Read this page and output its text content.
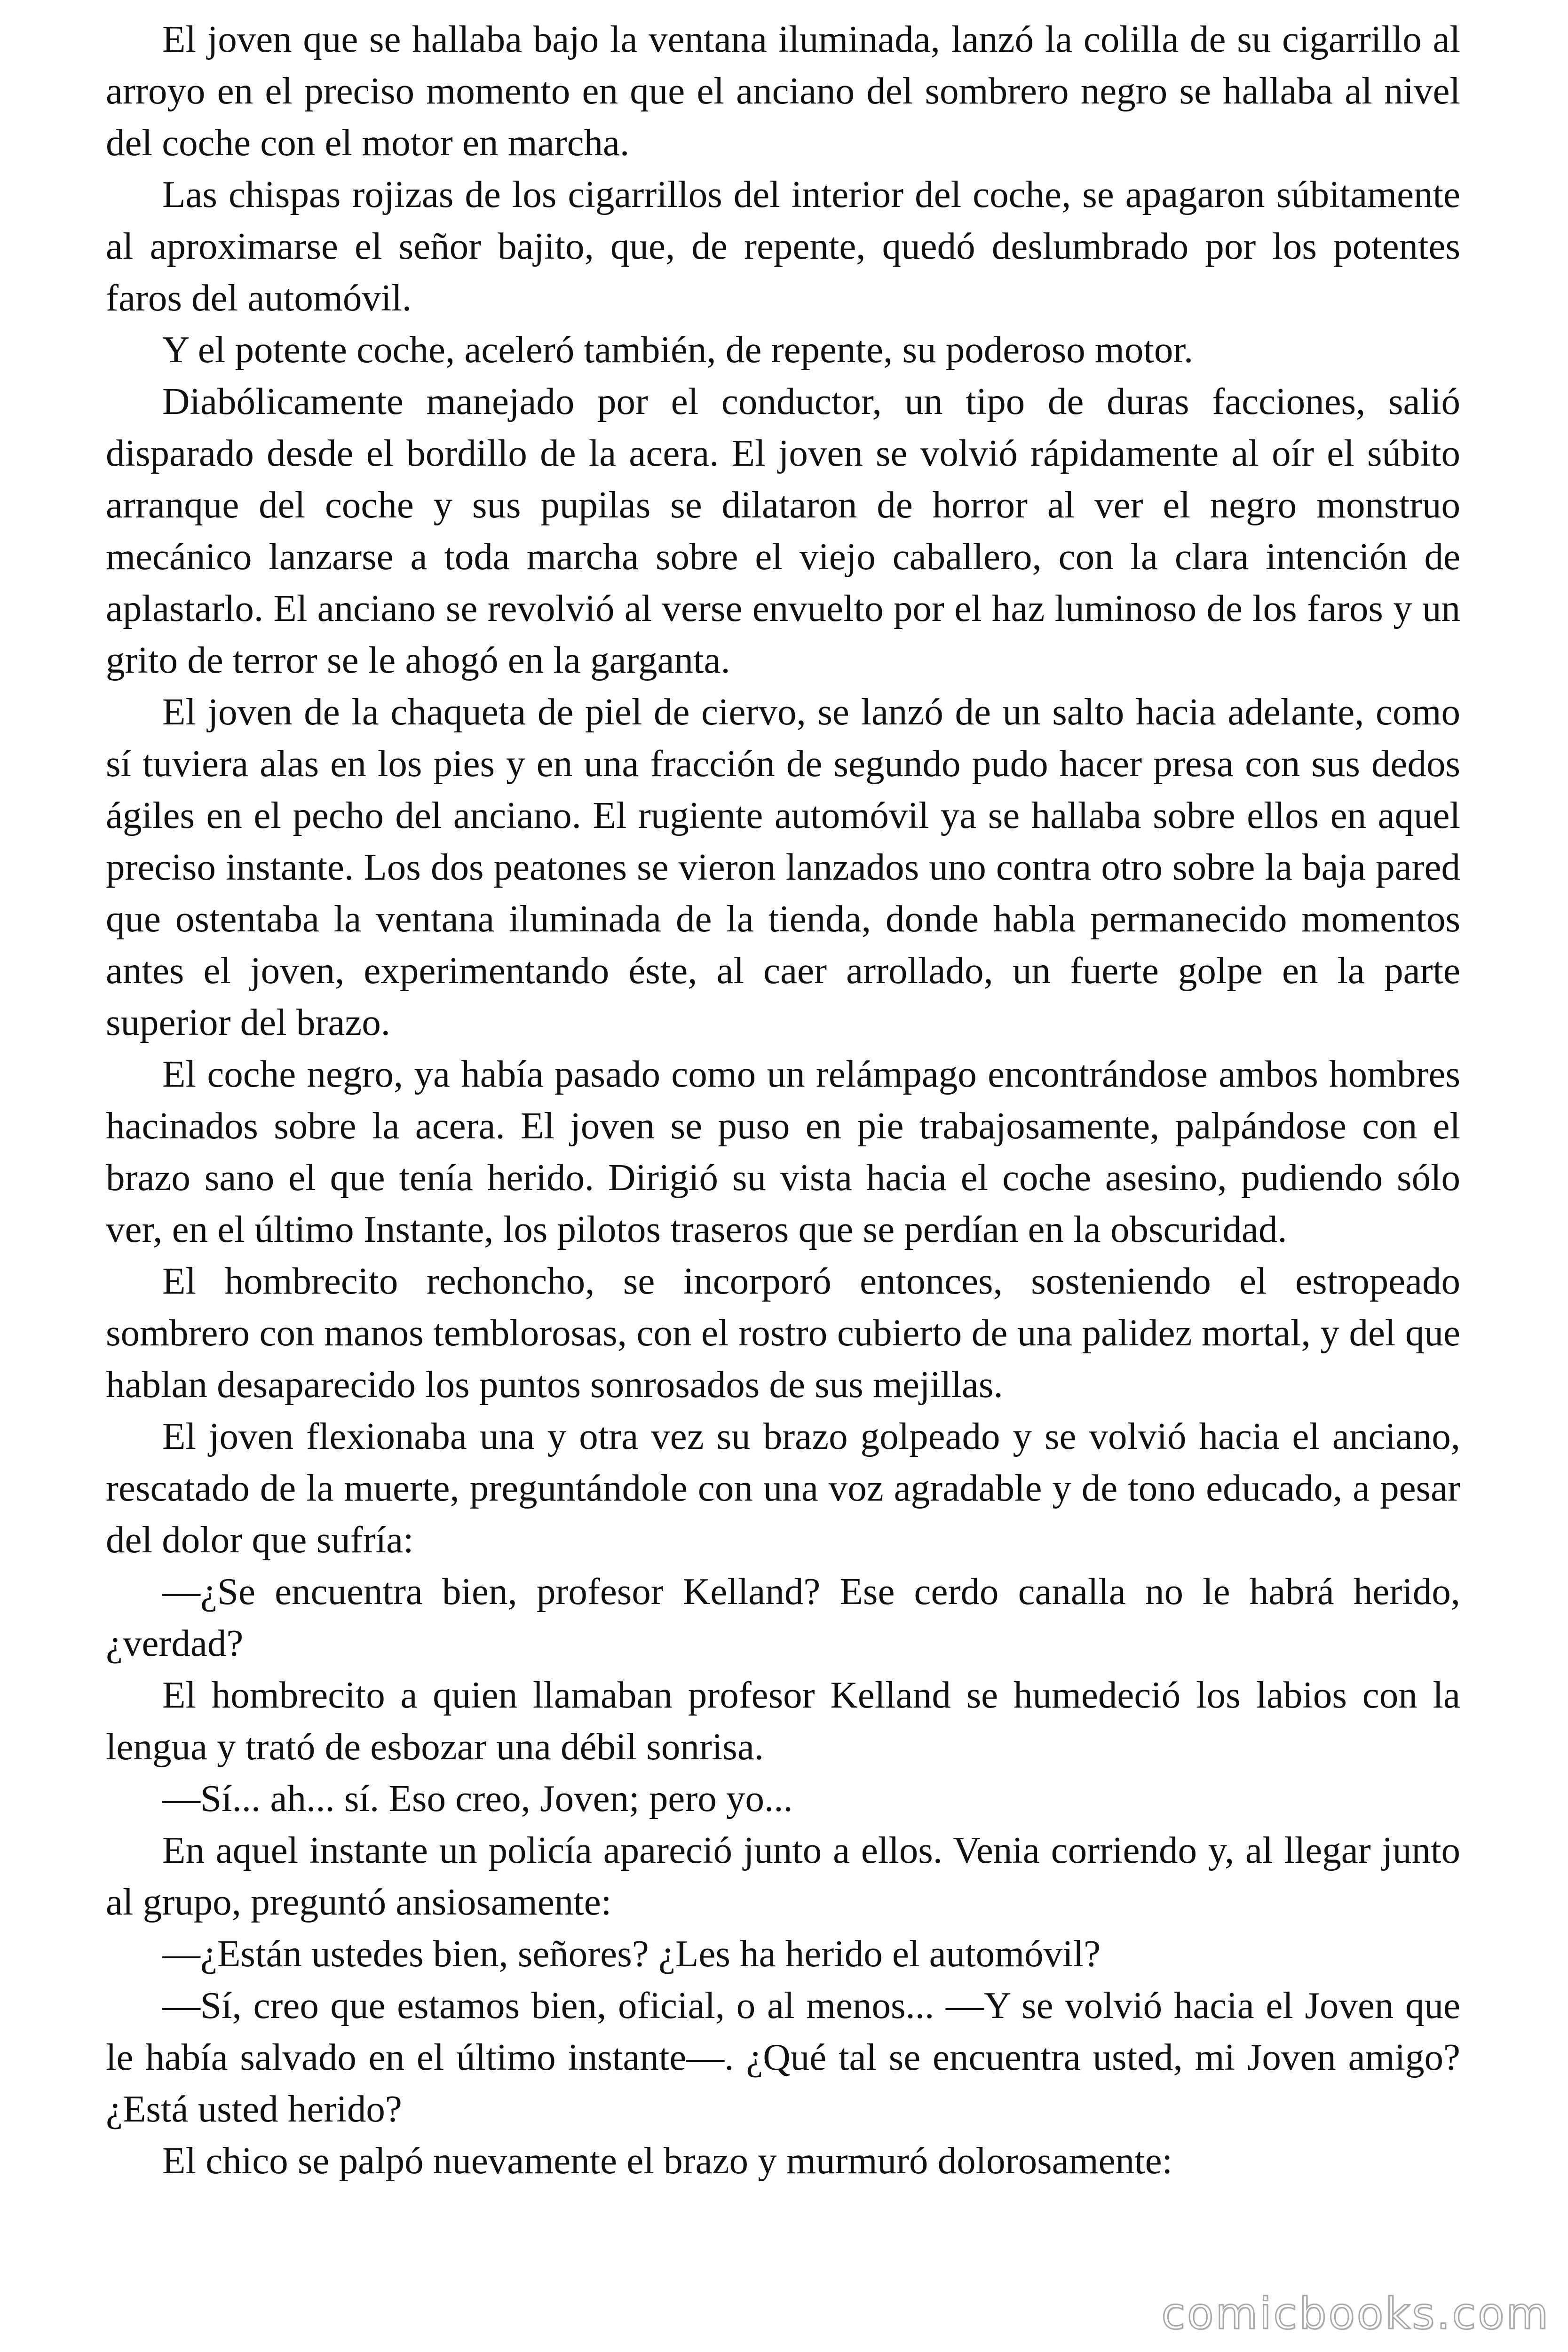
El joven que se hallaba bajo la ventana iluminada, lanzó la colilla de su cigarrillo al arroyo en el preciso momento en que el anciano del sombrero negro se hallaba al nivel del coche con el motor en marcha.

Las chispas rojizas de los cigarrillos del interior del coche, se apagaron súbitamente al aproximarse el señor bajito, que, de repente, quedó deslumbrado por los potentes faros del automóvil.

Y el potente coche, aceleró también, de repente, su poderoso motor.

Diabólicamente manejado por el conductor, un tipo de duras facciones, salió disparado desde el bordillo de la acera. El joven se volvió rápidamente al oír el súbito arranque del coche y sus pupilas se dilataron de horror al ver el negro monstruo mecánico lanzarse a toda marcha sobre el viejo caballero, con la clara intención de aplastarlo. El anciano se revolvió al verse envuelto por el haz luminoso de los faros y un grito de terror se le ahogó en la garganta.

El joven de la chaqueta de piel de ciervo, se lanzó de un salto hacia adelante, como sí tuviera alas en los pies y en una fracción de segundo pudo hacer presa con sus dedos ágiles en el pecho del anciano. El rugiente automóvil ya se hallaba sobre ellos en aquel preciso instante. Los dos peatones se vieron lanzados uno contra otro sobre la baja pared que ostentaba la ventana iluminada de la tienda, donde habla permanecido momentos antes el joven, experimentando éste, al caer arrollado, un fuerte golpe en la parte superior del brazo.

El coche negro, ya había pasado como un relámpago encontrándose ambos hombres hacinados sobre la acera. El joven se puso en pie trabajosamente, palpándose con el brazo sano el que tenía herido. Dirigió su vista hacia el coche asesino, pudiendo sólo ver, en el último Instante, los pilotos traseros que se perdían en la obscuridad.

El hombrecito rechoncho, se incorporó entonces, sosteniendo el estropeado sombrero con manos temblorosas, con el rostro cubierto de una palidez mortal, y del que hablan desaparecido los puntos sonrosados de sus mejillas.

El joven flexionaba una y otra vez su brazo golpeado y se volvió hacia el anciano, rescatado de la muerte, preguntándole con una voz agradable y de tono educado, a pesar del dolor que sufría:

—¿Se encuentra bien, profesor Kelland? Ese cerdo canalla no le habrá herido, ¿verdad?

El hombrecito a quien llamaban profesor Kelland se humedeció los labios con la lengua y trató de esbozar una débil sonrisa.

—Sí... ah... sí. Eso creo, Joven; pero yo...

En aquel instante un policía apareció junto a ellos. Venia corriendo y, al llegar junto al grupo, preguntó ansiosamente:

—¿Están ustedes bien, señores? ¿Les ha herido el automóvil?

—Sí, creo que estamos bien, oficial, o al menos... —Y se volvió hacia el Joven que le había salvado en el último instante—. ¿Qué tal se encuentra usted, mi Joven amigo? ¿Está usted herido?

El chico se palpó nuevamente el brazo y murmuró dolorosamente:

comicbooks.com
